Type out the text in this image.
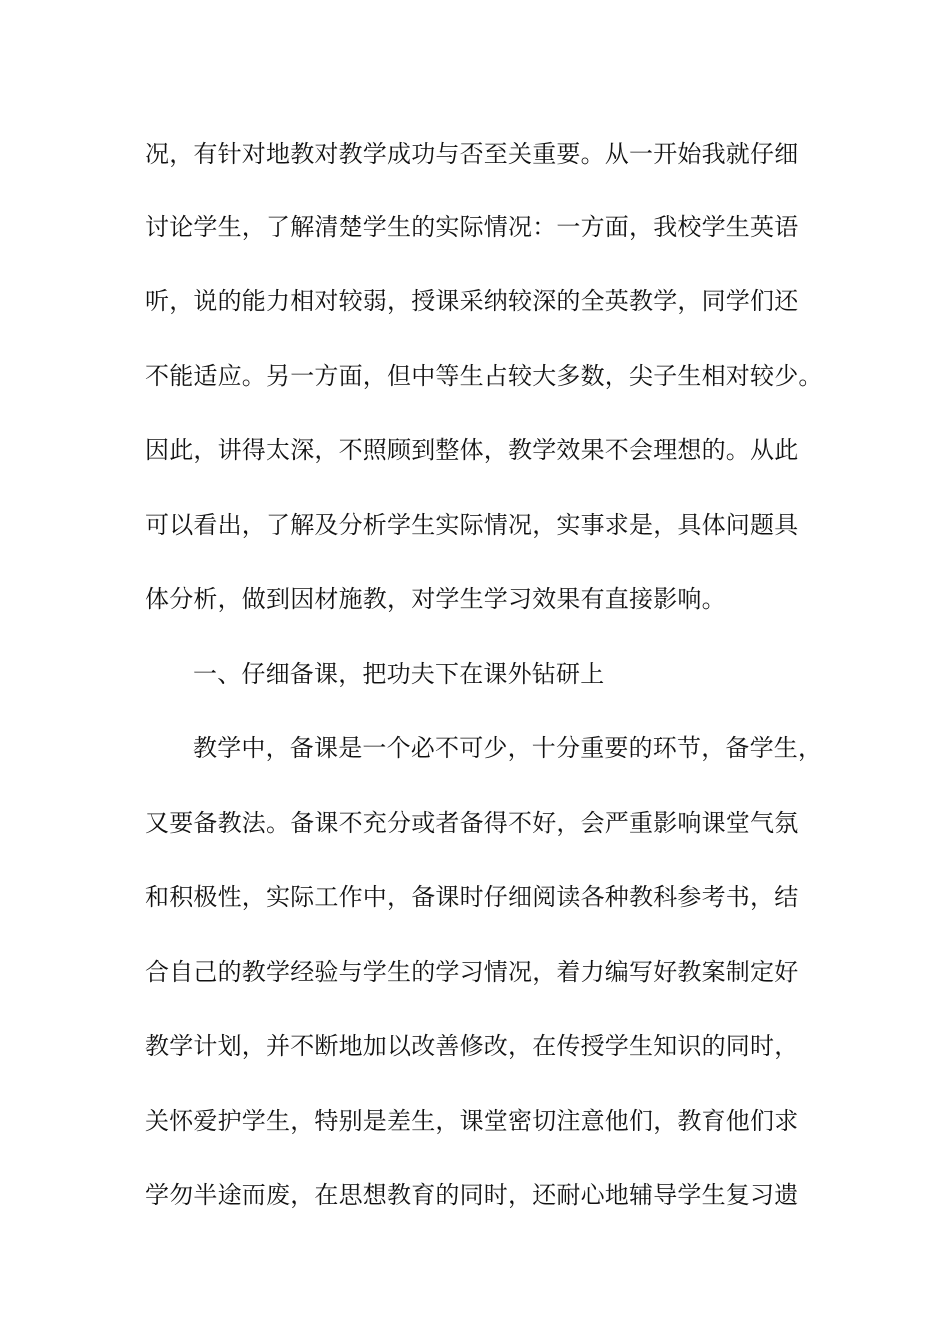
况，有针对地教对教学成功与否至关重要。从一开始我就仔细
讨论学生，了解清楚学生的实际情况：一方面，我校学生英语
听，说的能力相对较弱，授课采纳较深的全英教学，同学们还
不能适应。另一方面，但中等生占较大多数，尖子生相对较少。
因此，讲得太深，不照顾到整体，教学效果不会理想的。从此
可以看出，了解及分析学生实际情况，实事求是，具体问题具
体分析，做到因材施教，对学生学习效果有直接影响。
一、仔细备课，把功夫下在课外钻研上
教学中，备课是一个必不可少，十分重要的环节，备学生，
又要备教法。备课不充分或者备得不好，会严重影响课堂气氛
和积极性，实际工作中，备课时仔细阅读各种教科参考书，结
合自己的教学经验与学生的学习情况，着力编写好教案制定好
教学计划，并不断地加以改善修改，在传授学生知识的同时，
关怀爱护学生，特别是差生，课堂密切注意他们，教育他们求
学勿半途而废，在思想教育的同时，还耐心地辅导学生复习遗
